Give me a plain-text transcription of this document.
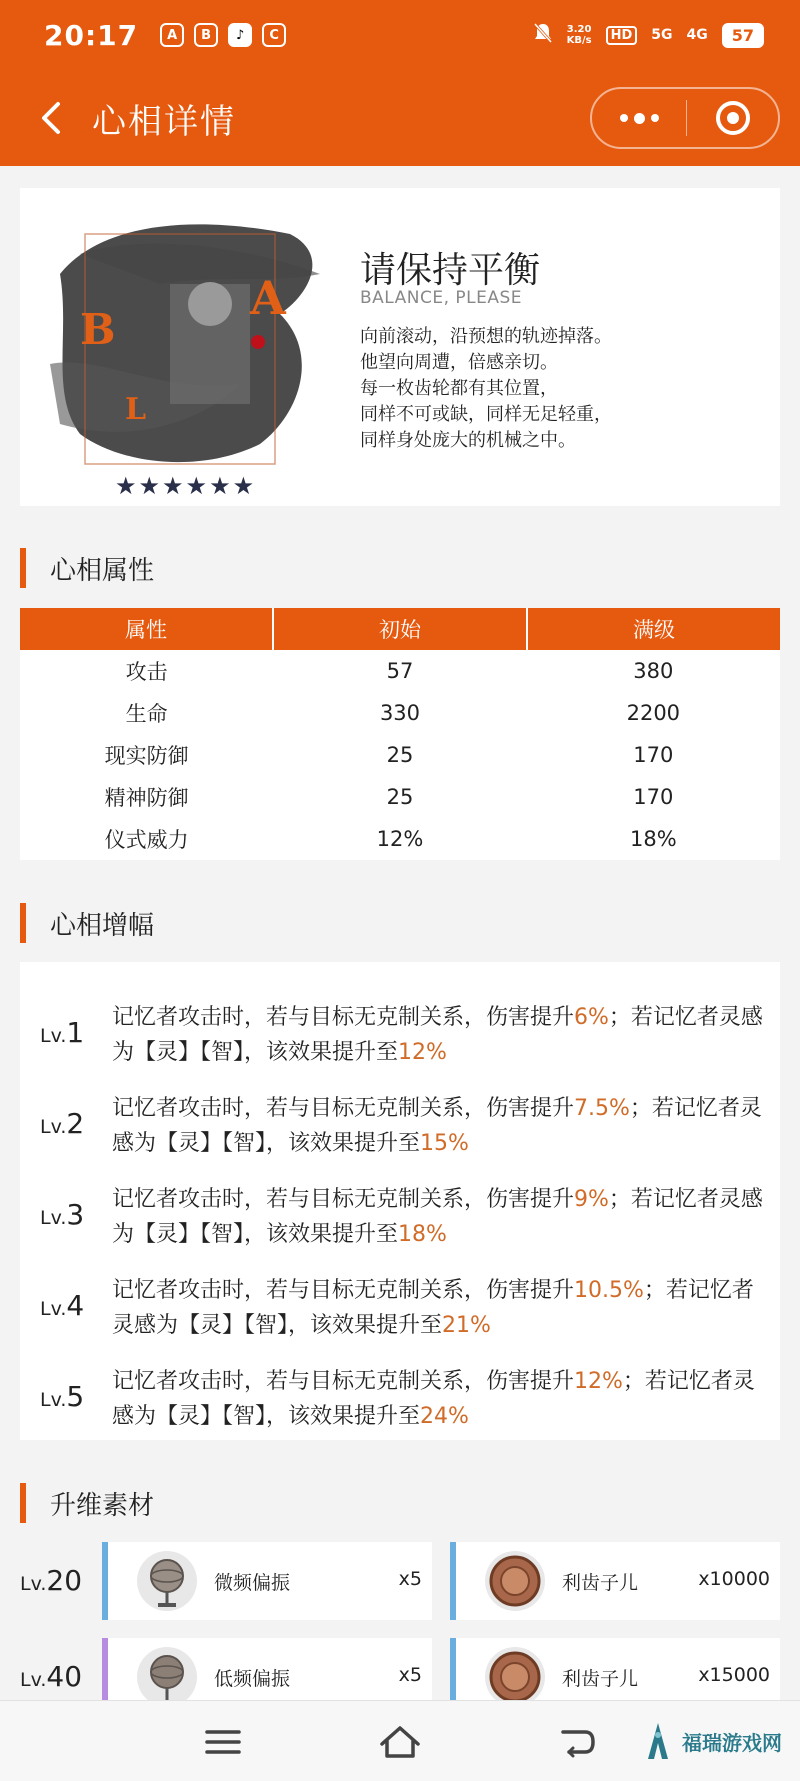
20:17	A	B	♪	C	3.20
KB/s	HD	5G 4G	57
心相详情
B
A
L
★★★★★★
请保持平衡
BALANCE, PLEASE
向前滚动，沿预想的轨迹掉落。
他望向周遭，倍感亲切。
每一枚齿轮都有其位置，
同样不可或缺，同样无足轻重，
同样身处庞大的机械之中。
心相属性
属性	初始	满级
攻击	57	380
生命	330	2200
现实防御	25	170
精神防御	25	170
仪式威力	12%	18%
心相增幅
Lv.1 记忆者攻击时，若与目标无克制关系，伤害提升6%；若记忆者灵感为【灵】【智】，该效果提升至12%
Lv.2 记忆者攻击时，若与目标无克制关系，伤害提升7.5%；若记忆者灵感为【灵】【智】，该效果提升至15%
Lv.3 记忆者攻击时，若与目标无克制关系，伤害提升9%；若记忆者灵感为【灵】【智】，该效果提升至18%
Lv.4 记忆者攻击时，若与目标无克制关系，伤害提升10.5%；若记忆者灵感为【灵】【智】，该效果提升至21%
Lv.5 记忆者攻击时，若与目标无克制关系，伤害提升12%；若记忆者灵感为【灵】【智】，该效果提升至24%
升维素材
Lv.20	微频偏振	x5	利齿子儿	x10000
Lv.40	低频偏振	x5	利齿子儿	x15000
福瑞游戏网
